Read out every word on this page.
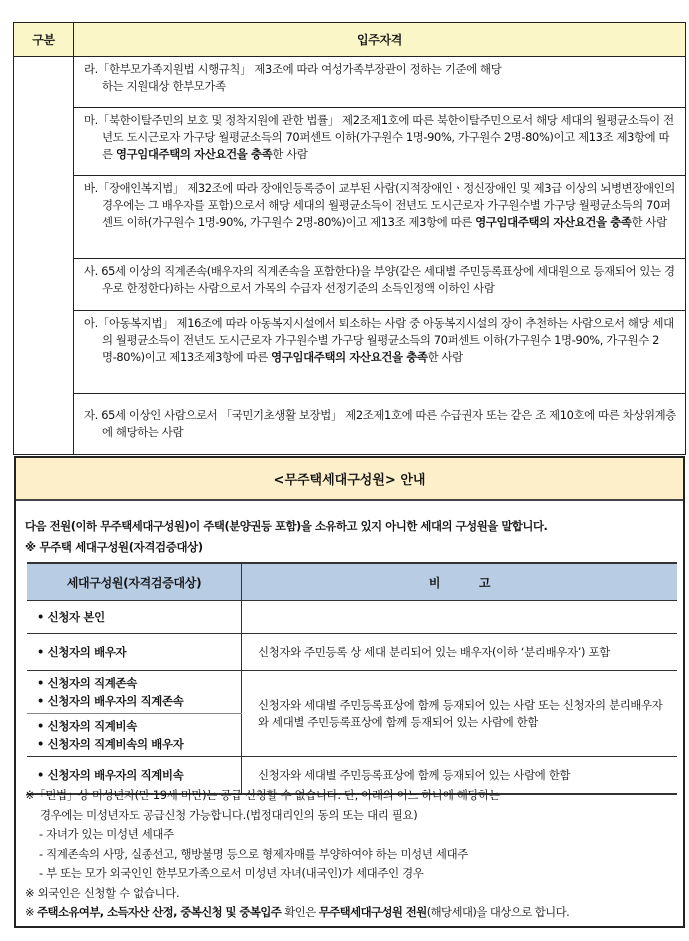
구분	입주자격

	라.「한부모가족지원법 시행규칙」 제3조에 따라 여성가족부장관이 정하는 기준에 해당
하는 지원대상 한부모가족

	마.「북한이탈주민의 보호 및 정착지원에 관한 법률」 제2조제1호에 따른 북한이탈주민으로서 해당 세대의 월평균소득이 전년도 도시근로자 가구당 월평균소득의 70퍼센트 이하(가구원수 1명-90%, 가구원수 2명-80%)이고 제13조 제3항에 따른 영구임대주택의 자산요건을 충족한 사람

	바.「장애인복지법」 제32조에 따라 장애인등록증이 교부된 사람(지적장애인ㆍ정신장애인 및 제3급 이상의 뇌병변장애인의 경우에는 그 배우자를 포함)으로서 해당 세대의 월평균소득이 전년도 도시근로자 가구원수별 가구당 월평균소득의 70퍼센트 이하(가구원수 1명-90%, 가구원수 2명-80%)이고 제13조 제3항에 따른 영구임대주택의 자산요건을 충족한 사람

	사. 65세 이상의 직계존속(배우자의 직계존속을 포함한다)을 부양(같은 세대별 주민등록표상에 세대원으로 등재되어 있는 경우로 한정한다)하는 사람으로서 가목의 수급자 선정기준의 소득인정액 이하인 사람

	아.「아동복지법」 제16조에 따라 아동복지시설에서 퇴소하는 사람 중 아동복지시설의 장이 추천하는 사람으로서 해당 세대의 월평균소득이 전년도 도시근로자 가구원수별 가구당 월평균소득의 70퍼센트 이하(가구원수 1명-90%, 가구원수 2명-80%)이고 제13조제3항에 따른 영구임대주택의 자산요건을 충족한 사람

	자. 65세 이상인 사람으로서 「국민기초생활 보장법」 제2조제1호에 따른 수급권자 또는 같은 조 제10호에 따른 차상위계층에 해당하는 사람
<무주택세대구성원> 안내
다음 전원(이하 무주택세대구성원)이 주택(분양권등 포함)을 소유하고 있지 아니한 세대의 구성원을 말합니다.
※ 무주택 세대구성원(자격검증대상)
세대구성원(자격검증대상)	비          고
• 신청자 본인	
• 신청자의 배우자	신청자와 주민등록 상 세대 분리되어 있는 배우자(이하 ‘분리배우자’) 포함

• 신청자의 직계존속
• 신청자의 배우자의 직계존속	신청자와 세대별 주민등록표상에 함께 등재되어 있는 사람 또는 신청자의 분리배우자와 세대별 주민등록표상에 함께 등재되어 있는 사람에 한함

• 신청자의 직계비속
• 신청자의 직계비속의 배우자	

• 신청자의 배우자의 직계비속	신청자와 세대별 주민등록표상에 함께 등재되어 있는 사람에 한함
※「민법」상 미성년자(만 19세 미만)는 공급 신청할 수 없습니다. 단, 아래의 어느 하나에 해당하는
경우에는 미성년자도 공급신청 가능합니다.(법정대리인의 동의 또는 대리 필요)
- 자녀가 있는 미성년 세대주
- 직계존속의 사망, 실종선고, 행방불명 등으로 형제자매를 부양하여야 하는 미성년 세대주
- 부 또는 모가 외국인인 한부모가족으로서 미성년 자녀(내국인)가 세대주인 경우
※ 외국인은 신청할 수 없습니다.
※ 주택소유여부, 소득자산 산정, 중복신청 및 중복입주 확인은 무주택세대구성원 전원(해당세대)을 대상으로 합니다.
